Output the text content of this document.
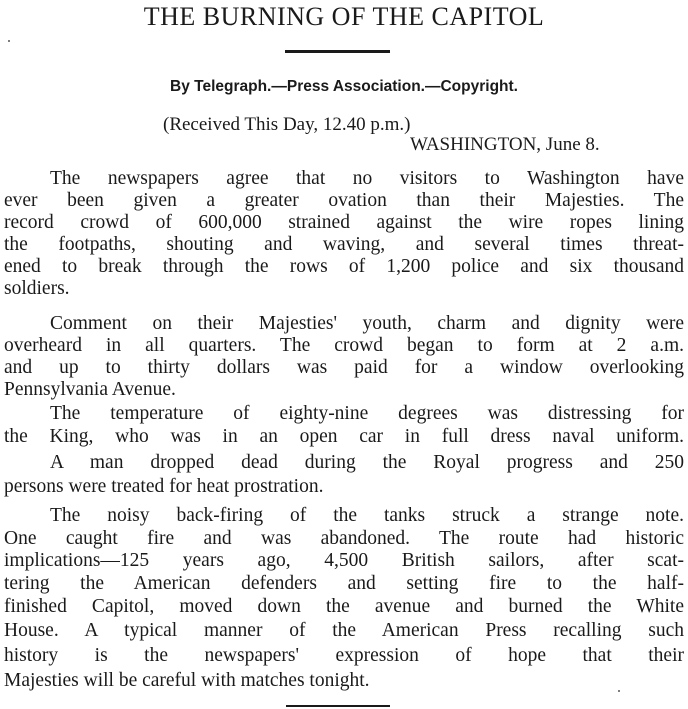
THE BURNING OF THE CAPITOL
By Telegraph.—Press Association.—Copyright.
(Received This Day, 12.40 p.m.)
WASHINGTON, June 8.
The newspapers agree that no visitors to Washington have
ever been given a greater ovation than their Majesties. The
record crowd of 600,000 strained against the wire ropes lining
the footpaths, shouting and waving, and several times threat-
ened to break through the rows of 1,200 police and six thousand
soldiers.
Comment on their Majesties' youth, charm and dignity were
overheard in all quarters. The crowd began to form at 2 a.m.
and up to thirty dollars was paid for a window overlooking
Pennsylvania Avenue.
The temperature of eighty-nine degrees was distressing for
the King, who was in an open car in full dress naval uniform.
A man dropped dead during the Royal progress and 250
persons were treated for heat prostration.
The noisy back-firing of the tanks struck a strange note.
One caught fire and was abandoned. The route had historic
implications—125 years ago, 4,500 British sailors, after scat-
tering the American defenders and setting fire to the half-
finished Capitol, moved down the avenue and burned the White
House. A typical manner of the American Press recalling such
history is the newspapers' expression of hope that their
Majesties will be careful with matches tonight.
